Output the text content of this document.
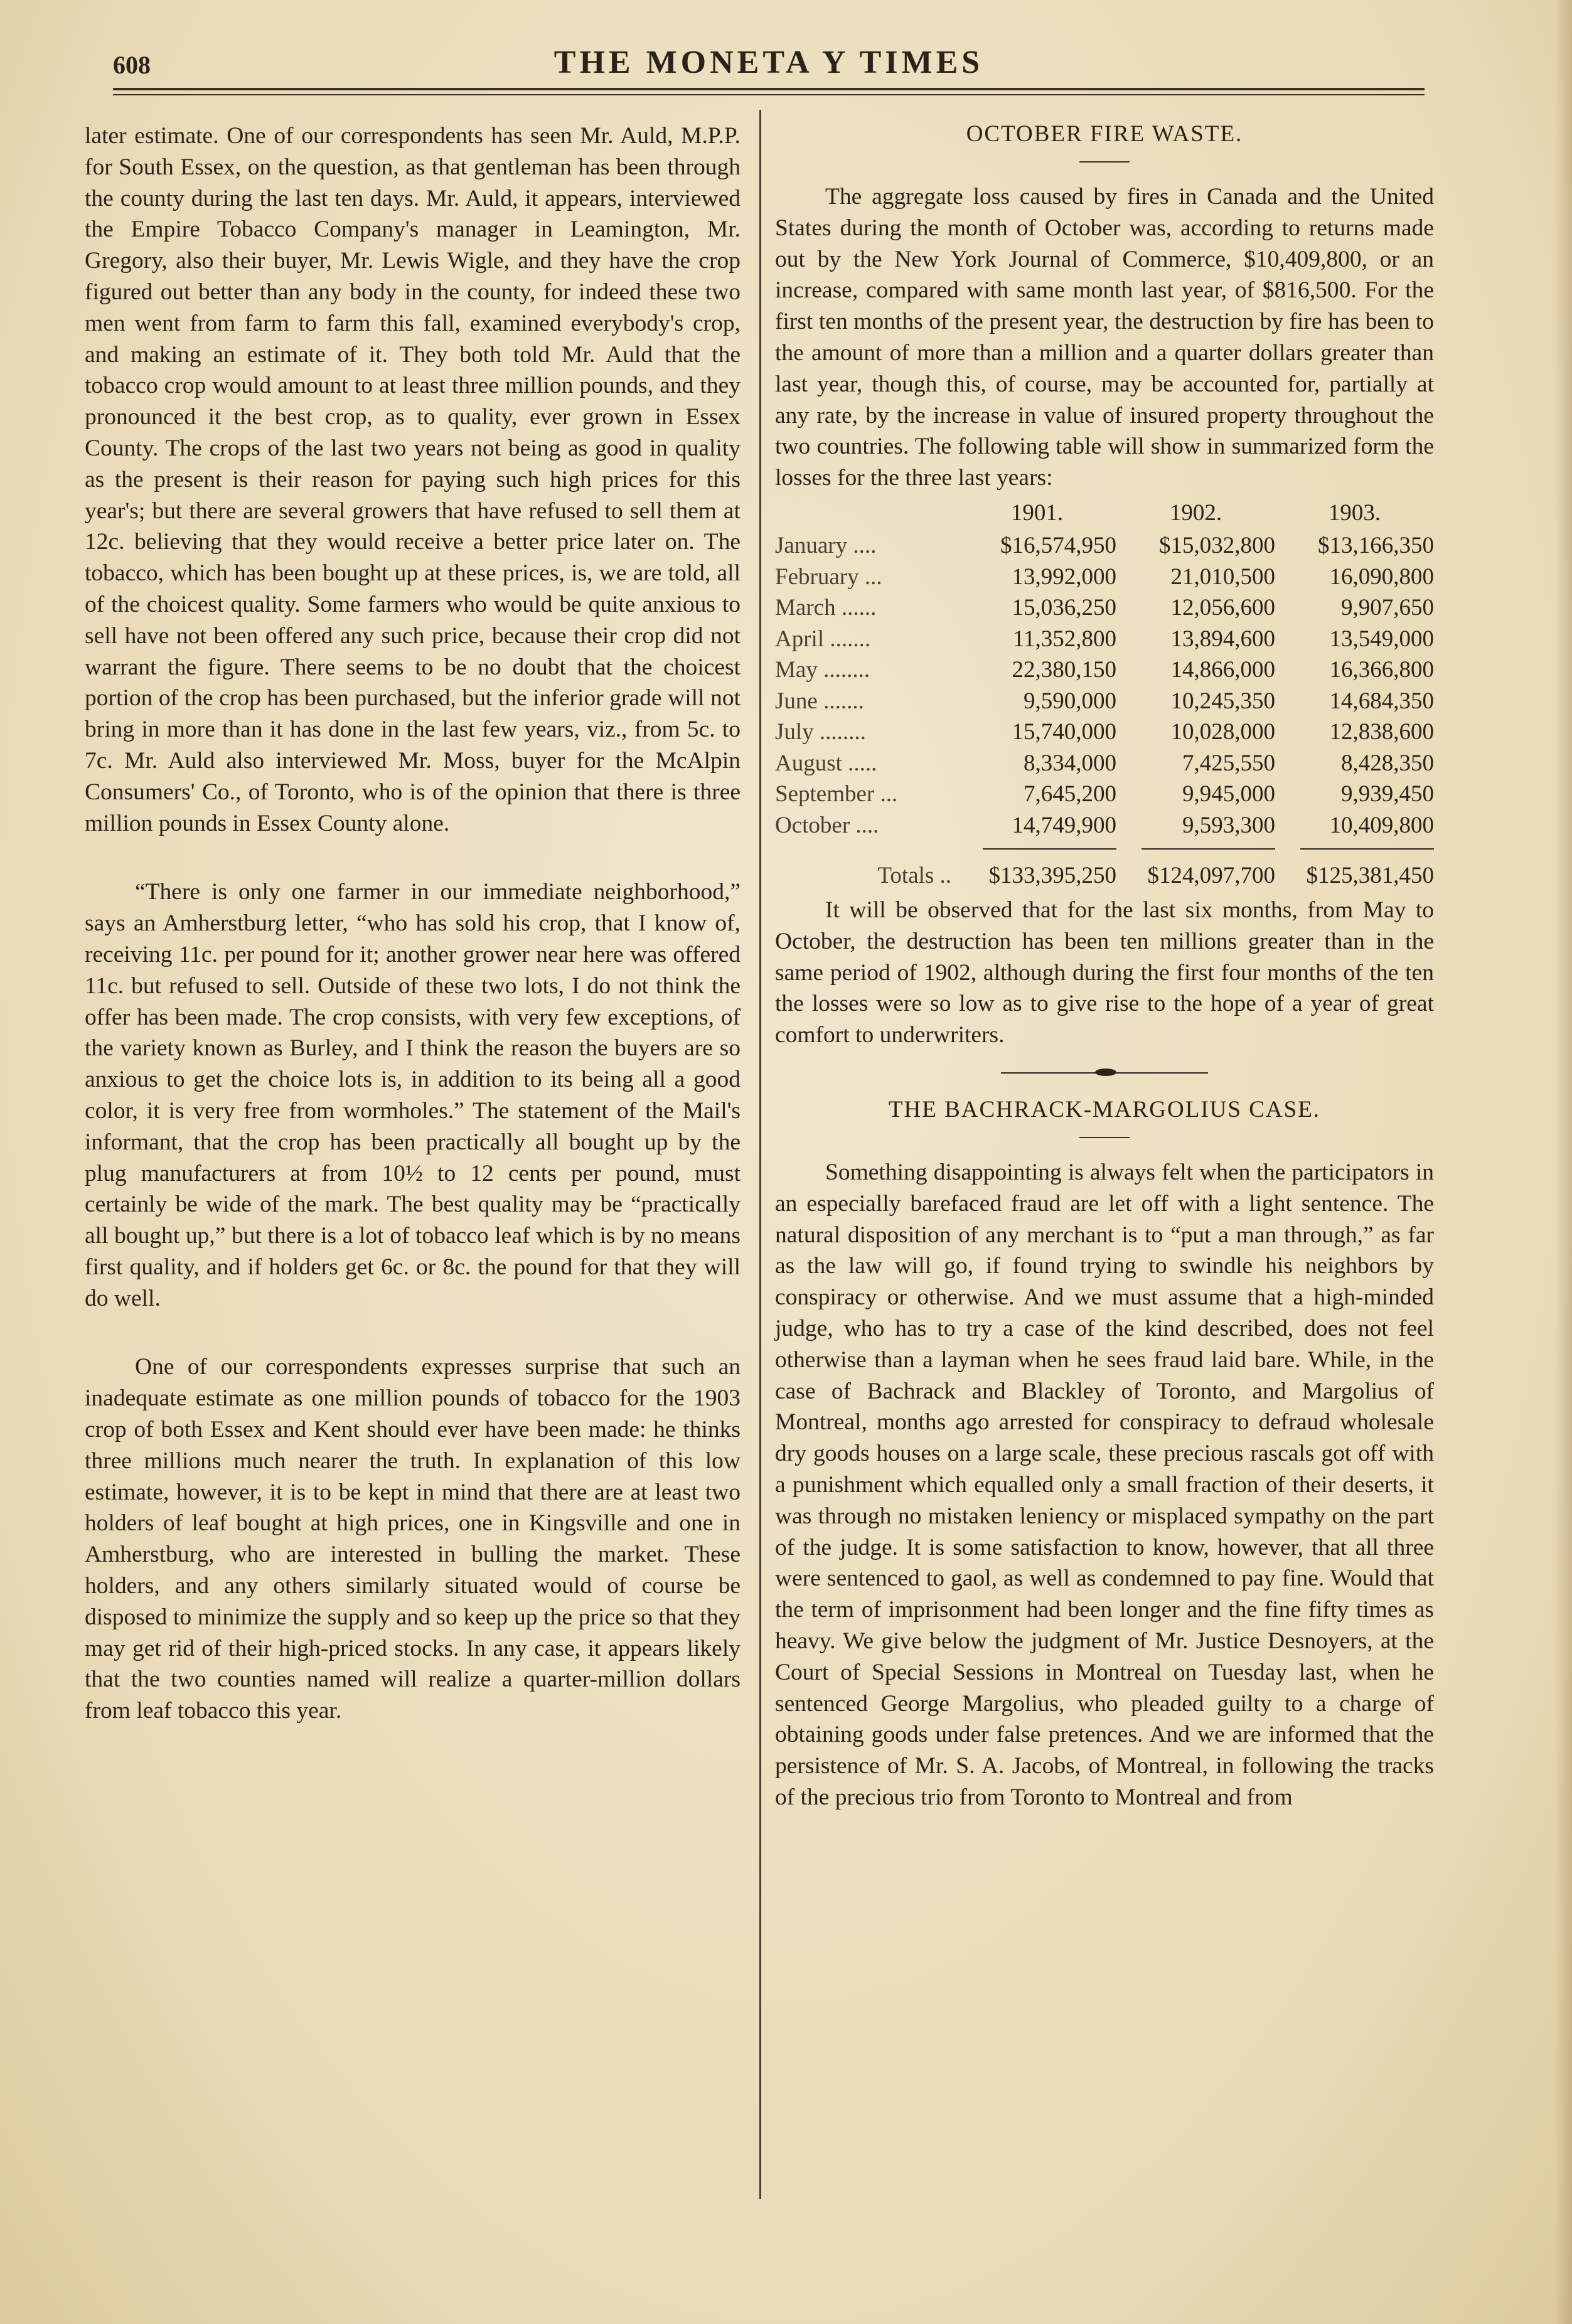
608	THE MONETA Y TIMES

later estimate. One of our correspondents has seen Mr. Auld, M.P.P. for South Essex, on the question, as that gentleman has been through the county during the last ten days. Mr. Auld, it appears, interviewed the Empire Tobacco Company's manager in Leamington, Mr. Gregory, also their buyer, Mr. Lewis Wigle, and they have the crop figured out better than any body in the county, for indeed these two men went from farm to farm this fall, examined everybody's crop, and making an estimate of it. They both told Mr. Auld that the tobacco crop would amount to at least three million pounds, and they pronounced it the best crop, as to quality, ever grown in Essex County. The crops of the last two years not being as good in quality as the present is their reason for paying such high prices for this year's; but there are several growers that have refused to sell them at 12c. believing that they would receive a better price later on. The tobacco, which has been bought up at these prices, is, we are told, all of the choicest quality. Some farmers who would be quite anxious to sell have not been offered any such price, because their crop did not warrant the figure. There seems to be no doubt that the choicest portion of the crop has been purchased, but the inferior grade will not bring in more than it has done in the last few years, viz., from 5c. to 7c. Mr. Auld also interviewed Mr. Moss, buyer for the McAlpin Consumers' Co., of Toronto, who is of the opinion that there is three million pounds in Essex County alone.

“There is only one farmer in our immediate neighborhood,” says an Amherstburg letter, “who has sold his crop, that I know of, receiving 11c. per pound for it; another grower near here was offered 11c. but refused to sell. Outside of these two lots, I do not think the offer has been made. The crop consists, with very few exceptions, of the variety known as Burley, and I think the reason the buyers are so anxious to get the choice lots is, in addition to its being all a good color, it is very free from wormholes.” The statement of the Mail's informant, that the crop has been practically all bought up by the plug manufacturers at from 10½ to 12 cents per pound, must certainly be wide of the mark. The best quality may be “practically all bought up,” but there is a lot of tobacco leaf which is by no means first quality, and if holders get 6c. or 8c. the pound for that they will do well.

One of our correspondents expresses surprise that such an inadequate estimate as one million pounds of tobacco for the 1903 crop of both Essex and Kent should ever have been made: he thinks three millions much nearer the truth. In explanation of this low estimate, however, it is to be kept in mind that there are at least two holders of leaf bought at high prices, one in Kingsville and one in Amherstburg, who are interested in bulling the market. These holders, and any others similarly situated would of course be disposed to minimize the supply and so keep up the price so that they may get rid of their high-priced stocks. In any case, it appears likely that the two counties named will realize a quarter-million dollars from leaf tobacco this year.

OCTOBER FIRE WASTE.

The aggregate loss caused by fires in Canada and the United States during the month of October was, according to returns made out by the New York Journal of Commerce, $10,409,800, or an increase, compared with same month last year, of $816,500. For the first ten months of the present year, the destruction by fire has been to the amount of more than a million and a quarter dollars greater than last year, though this, of course, may be accounted for, partially at any rate, by the increase in value of insured property throughout the two countries. The following table will show in summarized form the losses for the three last years:

	1901.	1902.	1903.
January ....	$16,574,950	$15,032,800	$13,166,350
February ...	13,992,000	21,010,500	16,090,800
March ......	15,036,250	12,056,600	9,907,650
April .......	11,352,800	13,894,600	13,549,000
May ........	22,380,150	14,866,000	16,366,800
June .......	9,590,000	10,245,350	14,684,350
July ........	15,740,000	10,028,000	12,838,600
August .....	8,334,000	7,425,550	8,428,350
September ...	7,645,200	9,945,000	9,939,450
October ....	14,749,900	9,593,300	10,409,800

Totals ..	$133,395,250	$124,097,700	$125,381,450

It will be observed that for the last six months, from May to October, the destruction has been ten millions greater than in the same period of 1902, although during the first four months of the ten the losses were so low as to give rise to the hope of a year of great comfort to underwriters.

THE BACHRACK-MARGOLIUS CASE.

Something disappointing is always felt when the participators in an especially barefaced fraud are let off with a light sentence. The natural disposition of any merchant is to “put a man through,” as far as the law will go, if found trying to swindle his neighbors by conspiracy or otherwise. And we must assume that a high-minded judge, who has to try a case of the kind described, does not feel otherwise than a layman when he sees fraud laid bare. While, in the case of Bachrack and Blackley of Toronto, and Margolius of Montreal, months ago arrested for conspiracy to defraud wholesale dry goods houses on a large scale, these precious rascals got off with a punishment which equalled only a small fraction of their deserts, it was through no mistaken leniency or misplaced sympathy on the part of the judge. It is some satisfaction to know, however, that all three were sentenced to gaol, as well as condemned to pay fine. Would that the term of imprisonment had been longer and the fine fifty times as heavy. We give below the judgment of Mr. Justice Desnoyers, at the Court of Special Sessions in Montreal on Tuesday last, when he sentenced George Margolius, who pleaded guilty to a charge of obtaining goods under false pretences. And we are informed that the persistence of Mr. S. A. Jacobs, of Montreal, in following the tracks of the precious trio from Toronto to Montreal and from
